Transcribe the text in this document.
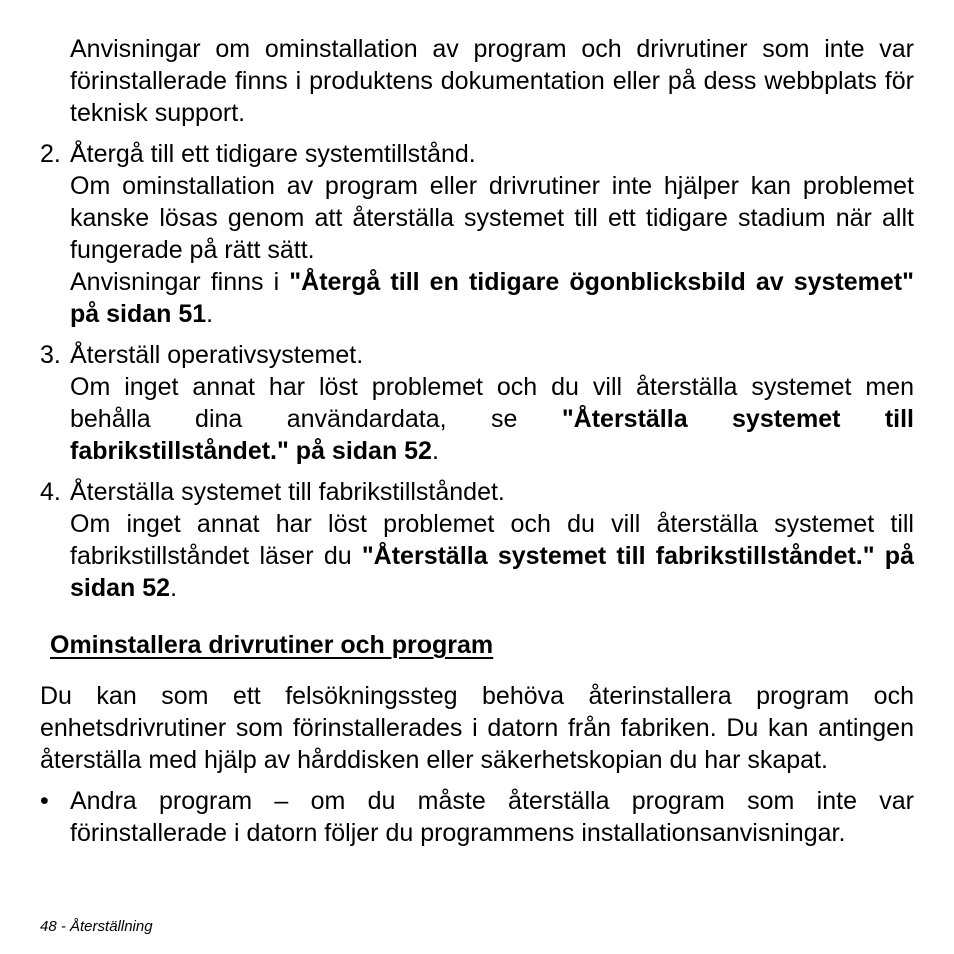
Anvisningar om ominstallation av program och drivrutiner som inte var förinstallerade finns i produktens dokumentation eller på dess webbplats för teknisk support.

2. Återgå till ett tidigare systemtillstånd.

Om ominstallation av program eller drivrutiner inte hjälper kan problemet kanske lösas genom att återställa systemet till ett tidigare stadium när allt fungerade på rätt sätt.

Anvisningar finns i "Återgå till en tidigare ögonblicksbild av systemet" på sidan 51.

3. Återställ operativsystemet.

Om inget annat har löst problemet och du vill återställa systemet men behålla dina användardata, se "Återställa systemet till fabrikstillståndet." på sidan 52.

4. Återställa systemet till fabrikstillståndet.

Om inget annat har löst problemet och du vill återställa systemet till fabrikstillståndet läser du "Återställa systemet till fabrikstillståndet." på sidan 52.

Ominstallera drivrutiner och program

Du kan som ett felsökningssteg behöva återinstallera program och enhetsdrivrutiner som förinstallerades i datorn från fabriken. Du kan antingen återställa med hjälp av hårddisken eller säkerhetskopian du har skapat.

• Andra program – om du måste återställa program som inte var förinstallerade i datorn följer du programmens installationsanvisningar.

48 - Återställning
